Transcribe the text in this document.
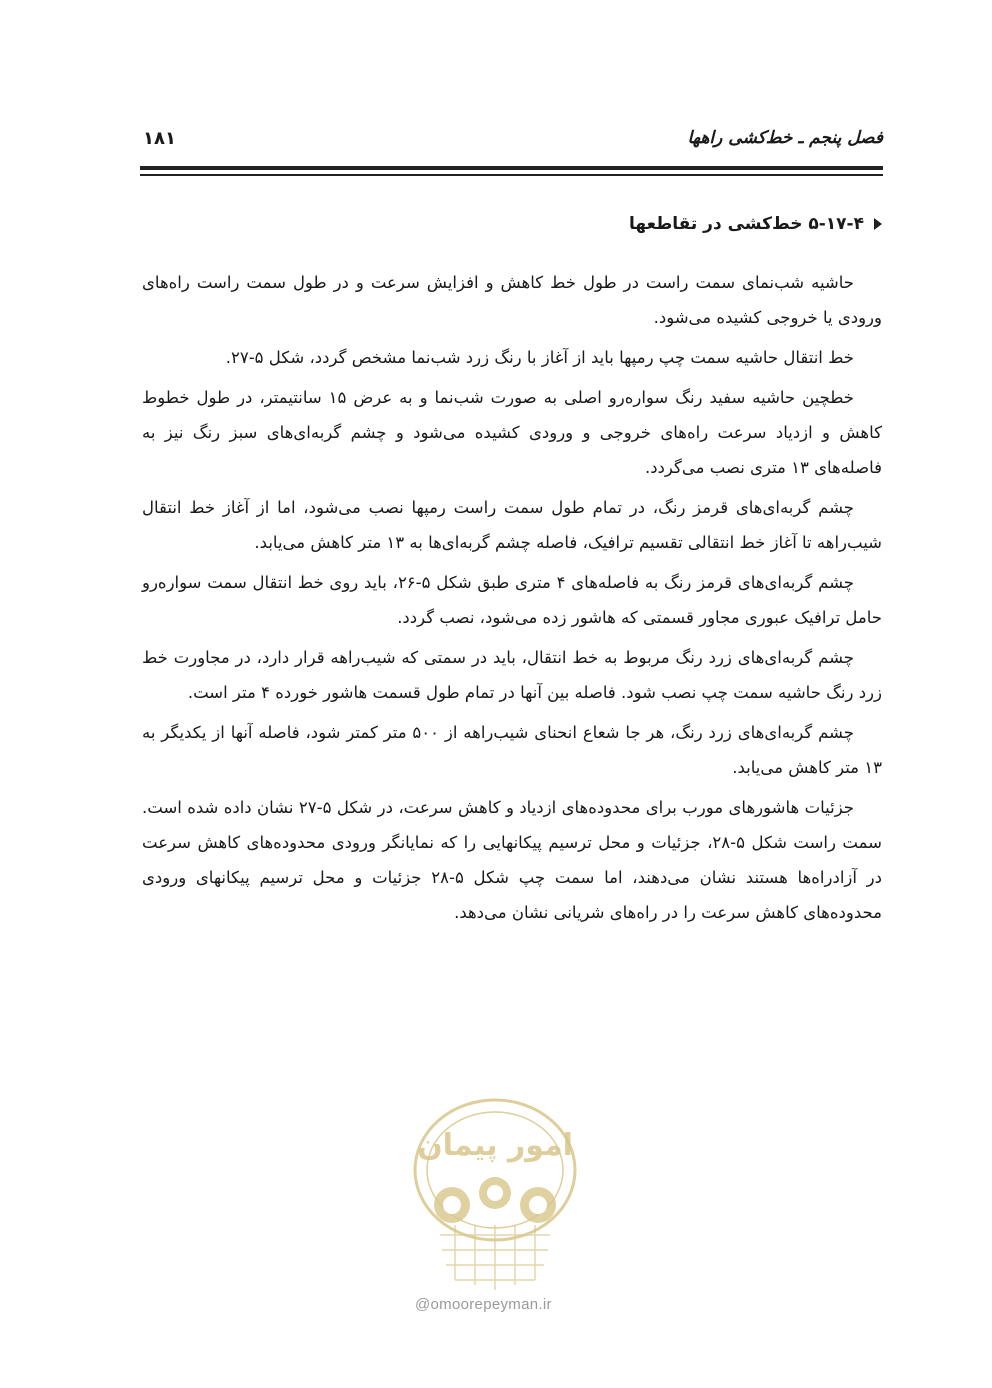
فصل پنجم ـ خط‌کشی راهها
۱۸۱
۵-۱۷-۴ خط‌کشی در تقاطعها

حاشیه شب‌نمای سمت راست در طول خط کاهش و افزایش سرعت و در طول سمت راست راه‌های ورودی یا خروجی کشیده می‌شود.

خط انتقال حاشیه سمت چپ رمپها باید از آغاز با رنگ زرد شب‌نما مشخص گردد، شکل ۵-۲۷.

خطچین حاشیه سفید رنگ سواره‌رو اصلی به صورت شب‌نما و به عرض ۱۵ سانتیمتر، در طول خطوط کاهش و ازدیاد سرعت راه‌های خروجی و ورودی کشیده می‌شود و چشم گربه‌ای‌های سبز رنگ نیز به فاصله‌های ۱۳ متری نصب می‌گردد.

چشم گربه‌ای‌های قرمز رنگ، در تمام طول سمت راست رمپها نصب می‌شود، اما از آغاز خط انتقال شیب‌راهه تا آغاز خط انتقالی تقسیم ترافیک، فاصله چشم گربه‌ای‌ها به ۱۳ متر کاهش می‌یابد.

چشم گربه‌ای‌های قرمز رنگ به فاصله‌های ۴ متری طبق شکل ۵-۲۶، باید روی خط انتقال سمت سواره‌رو حامل ترافیک عبوری مجاور قسمتی که هاشور زده می‌شود، نصب گردد.

چشم گربه‌ای‌های زرد رنگ مربوط به خط انتقال، باید در سمتی که شیب‌راهه قرار دارد، در مجاورت خط زرد رنگ حاشیه سمت چپ نصب شود. فاصله بین آنها در تمام طول قسمت هاشور خورده ۴ متر است.

چشم گربه‌ای‌های زرد رنگ، هر جا شعاع انحنای شیب‌راهه از ۵۰۰ متر کمتر شود، فاصله آنها از یکدیگر به ۱۳ متر کاهش می‌یابد.

جزئیات هاشورهای مورب برای محدوده‌های ازدیاد و کاهش سرعت، در شکل ۵-۲۷ نشان داده شده است. سمت راست شکل ۵-۲۸، جزئیات و محل ترسیم پیکانهایی را که نمایانگر ورودی محدوده‌های کاهش سرعت در آزادراه‌ها هستند نشان می‌دهند، اما سمت چپ شکل ۵-۲۸ جزئیات و محل ترسیم پیکانهای ورودی محدوده‌های کاهش سرعت را در راه‌های شریانی نشان می‌دهد.

امور پیمان
@omoorepeyman.ir
